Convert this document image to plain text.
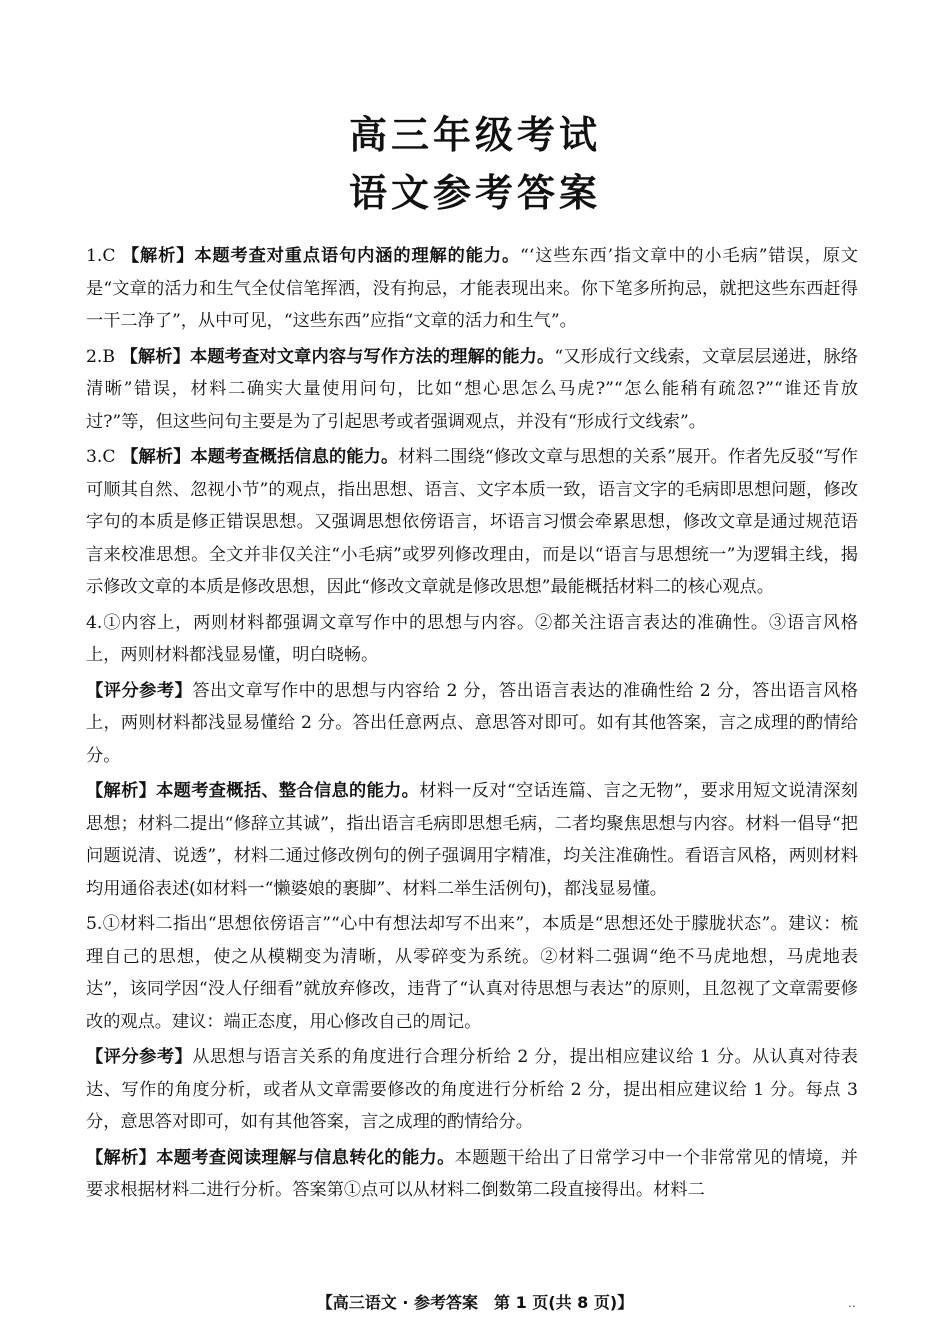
高三年级考试
语文参考答案
1.C 【解析】本题考查对重点语句内涵的理解的能力。“‘这些东西’指文章中的小毛病”错误，原文是“文章的活力和生气全仗信笔挥洒，没有拘忌，才能表现出来。你下笔多所拘忌，就把这些东西赶得一干二净了”，从中可见，“这些东西”应指“文章的活力和生气”。
2.B 【解析】本题考查对文章内容与写作方法的理解的能力。“又形成行文线索，文章层层递进，脉络清晰”错误，材料二确实大量使用问句，比如“想心思怎么马虎?”“怎么能稍有疏忽?”“谁还肯放过?”等，但这些问句主要是为了引起思考或者强调观点，并没有“形成行文线索”。
3.C 【解析】本题考查概括信息的能力。材料二围绕“修改文章与思想的关系”展开。作者先反驳“写作可顺其自然、忽视小节”的观点，指出思想、语言、文字本质一致，语言文字的毛病即思想问题，修改字句的本质是修正错误思想。又强调思想依傍语言，坏语言习惯会牵累思想，修改文章是通过规范语言来校准思想。全文并非仅关注“小毛病”或罗列修改理由，而是以“语言与思想统一”为逻辑主线，揭示修改文章的本质是修改思想，因此“修改文章就是修改思想”最能概括材料二的核心观点。
4.①内容上，两则材料都强调文章写作中的思想与内容。②都关注语言表达的准确性。③语言风格上，两则材料都浅显易懂，明白晓畅。
【评分参考】答出文章写作中的思想与内容给 2 分，答出语言表达的准确性给 2 分，答出语言风格上，两则材料都浅显易懂给 2 分。答出任意两点、意思答对即可。如有其他答案，言之成理的酌情给分。
【解析】本题考查概括、整合信息的能力。材料一反对“空话连篇、言之无物”，要求用短文说清深刻思想；材料二提出“修辞立其诚”，指出语言毛病即思想毛病，二者均聚焦思想与内容。材料一倡导“把问题说清、说透”，材料二通过修改例句的例子强调用字精准，均关注准确性。看语言风格，两则材料均用通俗表述(如材料一“懒婆娘的裹脚”、材料二举生活例句)，都浅显易懂。
5.①材料二指出“思想依傍语言”“心中有想法却写不出来”，本质是“思想还处于朦胧状态”。建议：梳理自己的思想，使之从模糊变为清晰，从零碎变为系统。②材料二强调“绝不马虎地想，马虎地表达”，该同学因“没人仔细看”就放弃修改，违背了“认真对待思想与表达”的原则，且忽视了文章需要修改的观点。建议：端正态度，用心修改自己的周记。
【评分参考】从思想与语言关系的角度进行合理分析给 2 分，提出相应建议给 1 分。从认真对待表达、写作的角度分析，或者从文章需要修改的角度进行分析给 2 分，提出相应建议给 1 分。每点 3 分，意思答对即可，如有其他答案，言之成理的酌情给分。
【解析】本题考查阅读理解与信息转化的能力。本题题干给出了日常学习中一个非常常见的情境，并要求根据材料二进行分析。答案第①点可以从材料二倒数第二段直接得出。材料二
【高三语文 · 参考答案　第 1 页(共 8 页)】	..
